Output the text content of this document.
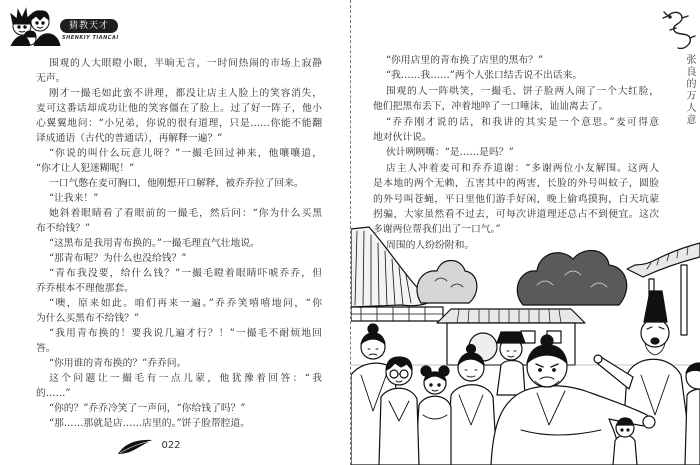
猜教天才
SHENKIY TIANCAI
围观的人大眼瞪小眼，半晌无言，一时间热闹的市场上寂静
无声。
刚才一撮毛如此蛮不讲理，都没让店主人脸上的笑容消失，
麦可这番话却成功让他的笑容僵在了脸上。过了好一阵子，他小
心翼翼地问：“小兄弟，你说的很有道理，只是……你能不能翻
译成通语（古代的普通话），再解释一遍？”
“你说的叫什么玩意儿呀？”一撮毛回过神来，他嚷嚷道，
“你才让人犯迷糊呢！”
一口气憋在麦可胸口，他刚想开口解释，被乔乔拉了回来。
“让我来！”
她斜着眼睛看了看眼前的一撮毛，然后问：“你为什么买黑
布不给钱？”
“这黑布是我用青布换的。”一撮毛理直气壮地说。
“那青布呢？为什么也没给钱？”
“青布我没要，给什么钱？”一撮毛瞪着眼睛吓唬乔乔，但
乔乔根本不理他那套。
“噢，原来如此。咱们再来一遍。”乔乔笑嘻嘻地问，“你
为什么买黑布不给钱？”
“我用青布换的！要我说几遍才行？！”一撮毛不耐烦地回
答。
“你用谁的青布换的？”乔乔问。
这个问题让一撮毛有一点儿蒙，他犹豫着回答：“我
的……”
“你的？”乔乔冷笑了一声问，“你给钱了吗？”
“那……那就是店……店里的。”饼子脸帮腔道。
022
张良的万人意
“你用店里的青布换了店里的黑布？”
“我……我……”两个人张口结舌说不出话来。
围观的人一阵哄笑，一撮毛、饼子脸两人闹了一个大红脸，
他们把黑布丢下，冲着地啐了一口唾沫，讪讪离去了。
“乔乔刚才说的话，和我讲的其实是一个意思。”麦可得意
地对伙计说。
伙计咧咧嘴：“是……是吗？”
店主人冲着麦可和乔乔道谢：“多谢两位小友解围。这两人
是本地的两个无赖，五害其中的两害，长脸的外号叫蚊子，圆脸
的外号叫苍蝇，平日里他们游手好闲，晚上偷鸡摸狗，白天坑蒙
拐骗，大家虽然看不过去，可每次讲道理还总占不到便宜。这次
多谢两位帮我们出了一口气。”
周围的人纷纷附和。
